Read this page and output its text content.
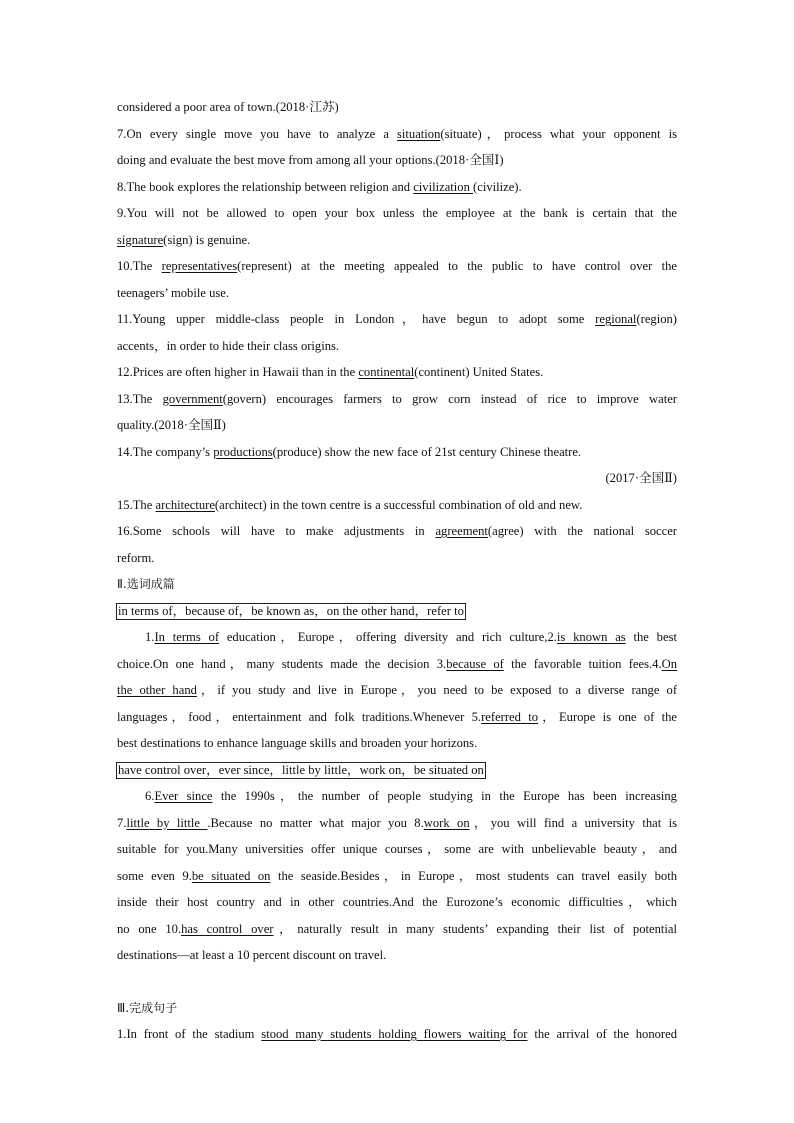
considered a poor area of town.(2018·江苏)
7.On every single move you have to analyze a situation(situate)，process what your opponent is
doing and evaluate the best move from among all your options.(2018·全国Ⅰ)
8.The book explores the relationship between religion and civilization (civilize).
9.You will not be allowed to open your box unless the employee at the bank is certain that the
signature(sign) is genuine.
10.The representatives(represent) at the meeting appealed to the public to have control over the
teenagers’ mobile use.
11.Young upper middle-class people in London，have begun to adopt some regional(region)
accents，in order to hide their class origins.
12.Prices are often higher in Hawaii than in the continental(continent) United States.
13.The government(govern) encourages farmers to grow corn instead of rice to improve water
quality.(2018·全国Ⅱ)
14.The company’s productions(produce) show the new face of 21st century Chinese theatre.
(2017·全国Ⅱ)
15.The architecture(architect) in the town centre is a successful combination of old and new.
16.Some schools will have to make adjustments in agreement(agree) with the national soccer
reform.
Ⅱ.选词成篇
in terms of，because of，be known as，on the other hand，refer to
1.In terms of education，Europe，offering diversity and rich culture,2.is known as the best
choice.On one hand，many students made the decision 3.because of the favorable tuition fees.4.On
the other hand，if you study and live in Europe，you need to be exposed to a diverse range of
languages，food，entertainment and folk traditions.Whenever 5.referred to，Europe is one of the
best destinations to enhance language skills and broaden your horizons.
have control over，ever since，little by little，work on，be situated on
6.Ever since the 1990s，the number of people studying in the Europe has been increasing
7.little by little .Because no matter what major you 8.work on，you will find a university that is
suitable for you.Many universities offer unique courses，some are with unbelievable beauty，and
some even 9.be situated on the seaside.Besides，in Europe，most students can travel easily both
inside their host country and in other countries.And the Eurozone’s economic difficulties，which
no one 10.has control over，naturally result in many students’ expanding their list of potential
destinations—at least a 10 percent discount on travel.
Ⅲ.完成句子
1.In front of the stadium stood many students holding flowers waiting for the arrival of the honored
